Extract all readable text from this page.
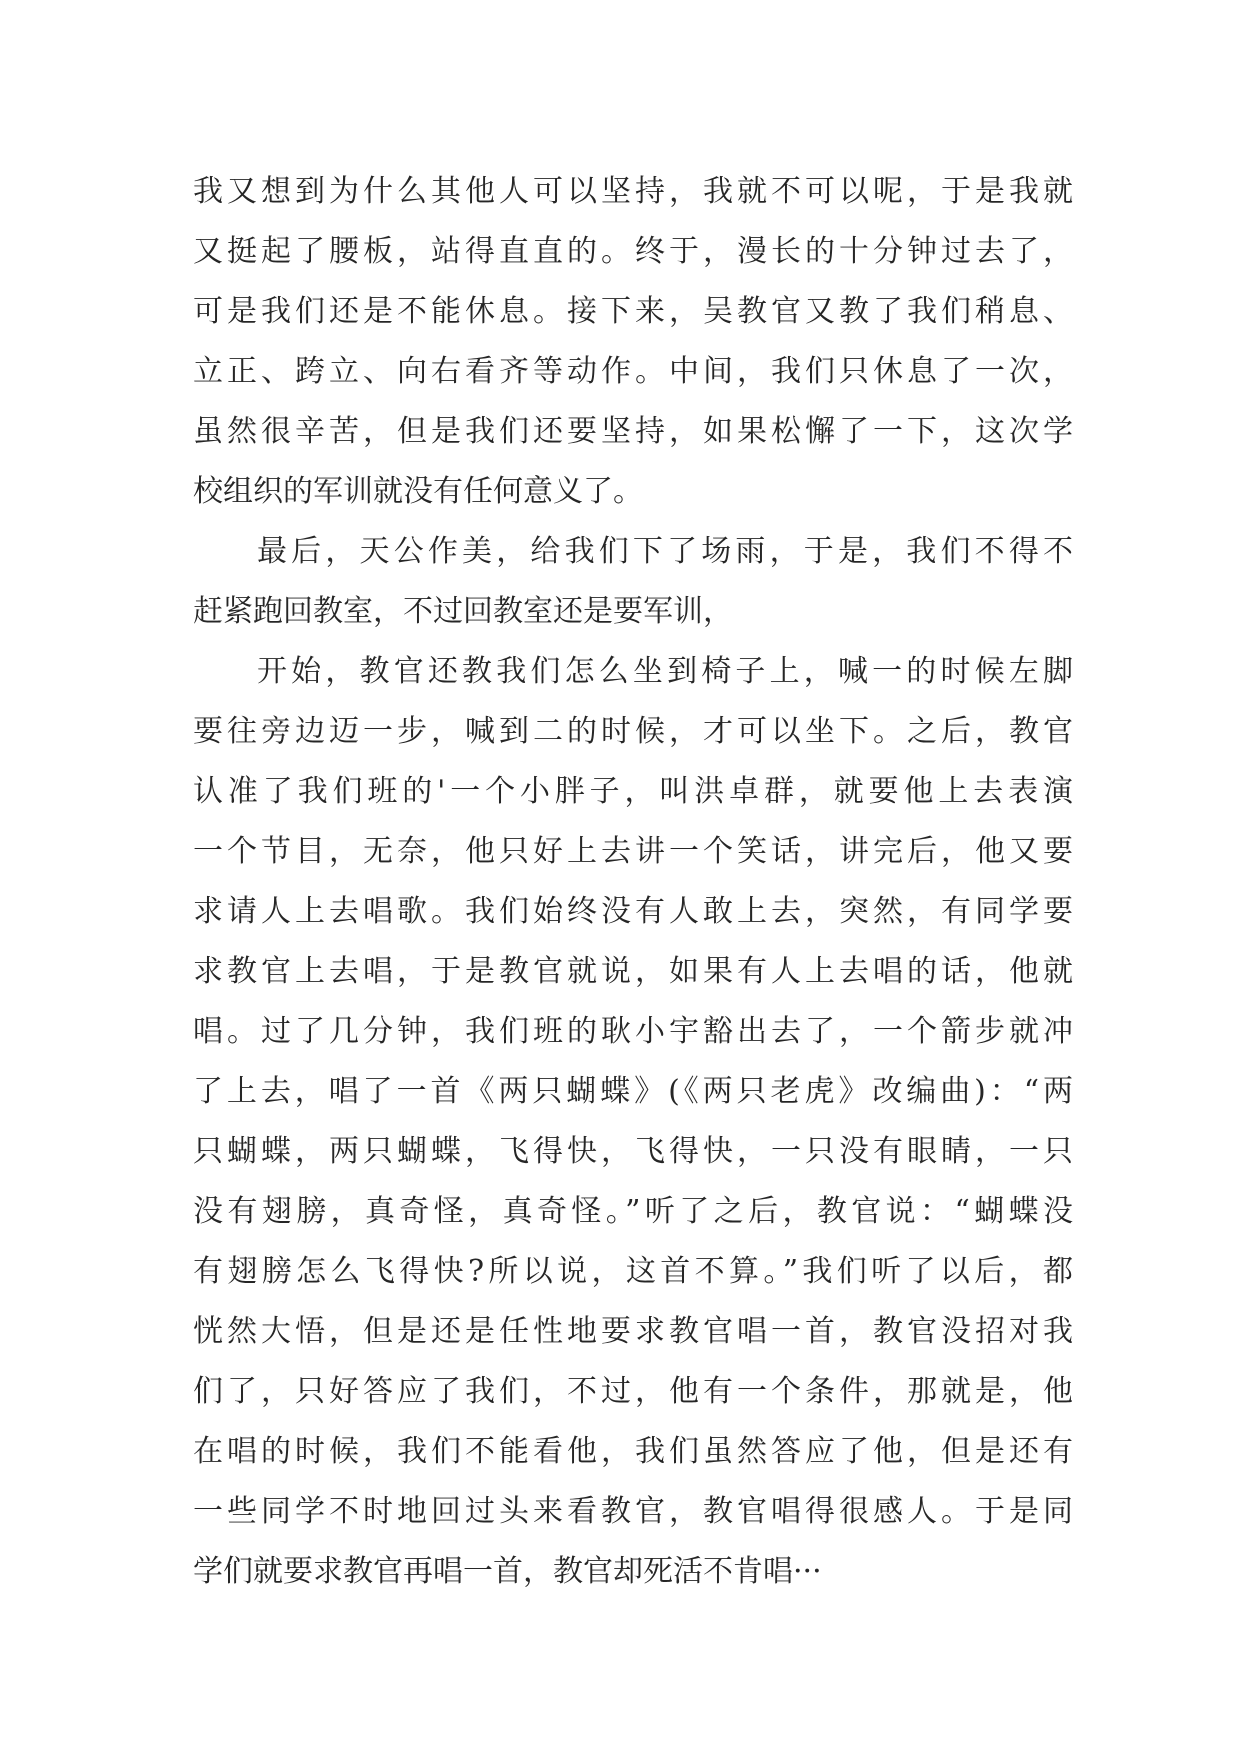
我又想到为什么其他人可以坚持，我就不可以呢，于是我就
又挺起了腰板，站得直直的。终于，漫长的十分钟过去了，
可是我们还是不能休息。接下来，吴教官又教了我们稍息、
立正、跨立、向右看齐等动作。中间，我们只休息了一次，
虽然很辛苦，但是我们还要坚持，如果松懈了一下，这次学
校组织的军训就没有任何意义了。
最后，天公作美，给我们下了场雨，于是，我们不得不
赶紧跑回教室，不过回教室还是要军训，
开始，教官还教我们怎么坐到椅子上，喊一的时候左脚
要往旁边迈一步，喊到二的时候，才可以坐下。之后，教官
认准了我们班的'一个小胖子，叫洪卓群，就要他上去表演
一个节目，无奈，他只好上去讲一个笑话，讲完后，他又要
求请人上去唱歌。我们始终没有人敢上去，突然，有同学要
求教官上去唱，于是教官就说，如果有人上去唱的话，他就
唱。过了几分钟，我们班的耿小宇豁出去了，一个箭步就冲
了上去，唱了一首《两只蝴蝶》(《两只老虎》改编曲)：“两
只蝴蝶，两只蝴蝶，飞得快，飞得快，一只没有眼睛，一只
没有翅膀，真奇怪，真奇怪。”听了之后，教官说：“蝴蝶没
有翅膀怎么飞得快?所以说，这首不算。”我们听了以后，都
恍然大悟，但是还是任性地要求教官唱一首，教官没招对我
们了，只好答应了我们，不过，他有一个条件，那就是，他
在唱的时候，我们不能看他，我们虽然答应了他，但是还有
一些同学不时地回过头来看教官，教官唱得很感人。于是同
学们就要求教官再唱一首，教官却死活不肯唱···
